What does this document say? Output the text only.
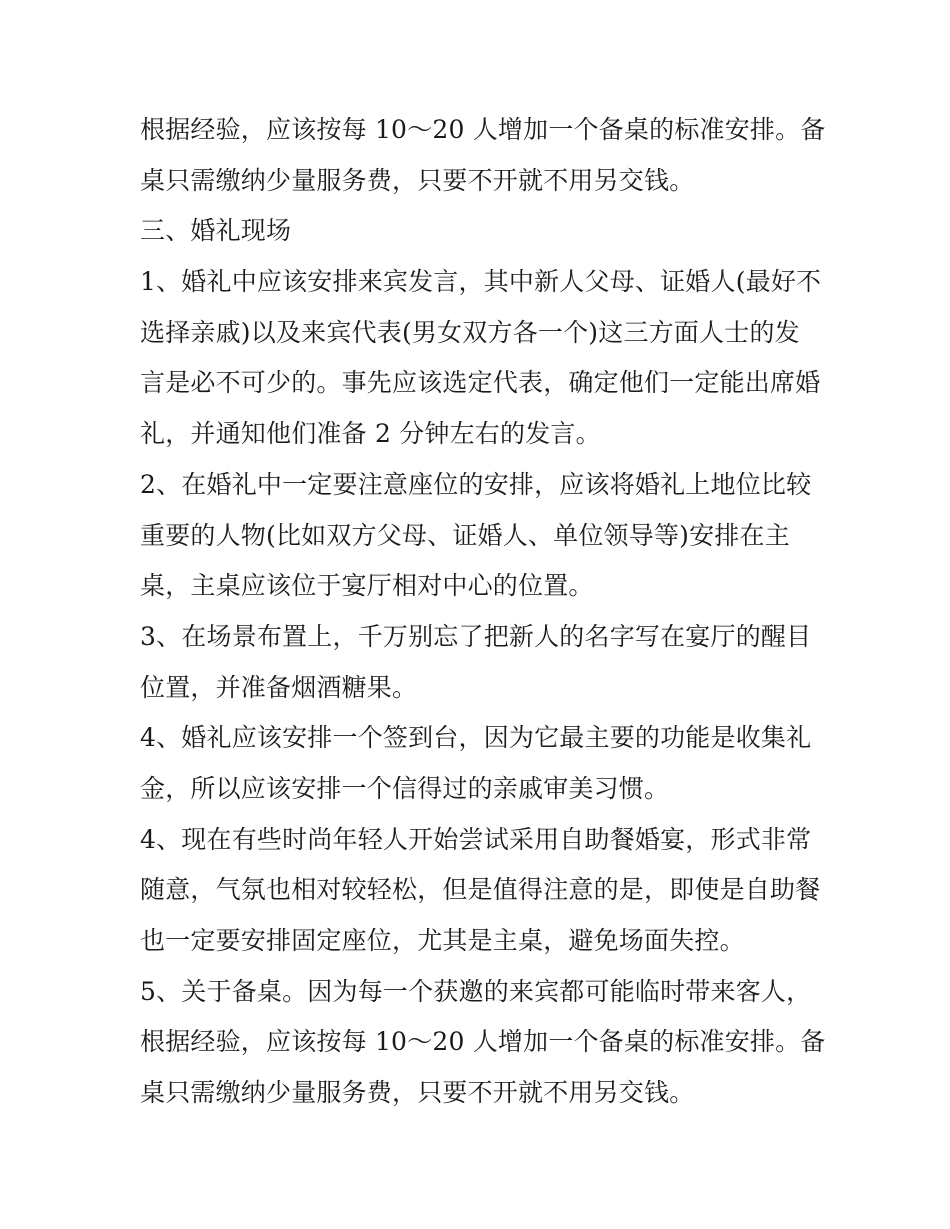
根据经验，应该按每 10～20 人增加一个备桌的标准安排。备
桌只需缴纳少量服务费，只要不开就不用另交钱。
三、婚礼现场
1、婚礼中应该安排来宾发言，其中新人父母、证婚人(最好不
选择亲戚)以及来宾代表(男女双方各一个)这三方面人士的发
言是必不可少的。事先应该选定代表，确定他们一定能出席婚
礼，并通知他们准备 2 分钟左右的发言。
2、在婚礼中一定要注意座位的安排，应该将婚礼上地位比较
重要的人物(比如双方父母、证婚人、单位领导等)安排在主
桌，主桌应该位于宴厅相对中心的位置。
3、在场景布置上，千万别忘了把新人的名字写在宴厅的醒目
位置，并准备烟酒糖果。
4、婚礼应该安排一个签到台，因为它最主要的功能是收集礼
金，所以应该安排一个信得过的亲戚审美习惯。
4、现在有些时尚年轻人开始尝试采用自助餐婚宴，形式非常
随意，气氛也相对较轻松，但是值得注意的是，即使是自助餐
也一定要安排固定座位，尤其是主桌，避免场面失控。
5、关于备桌。因为每一个获邀的来宾都可能临时带来客人，
根据经验，应该按每 10～20 人增加一个备桌的标准安排。备
桌只需缴纳少量服务费，只要不开就不用另交钱。
